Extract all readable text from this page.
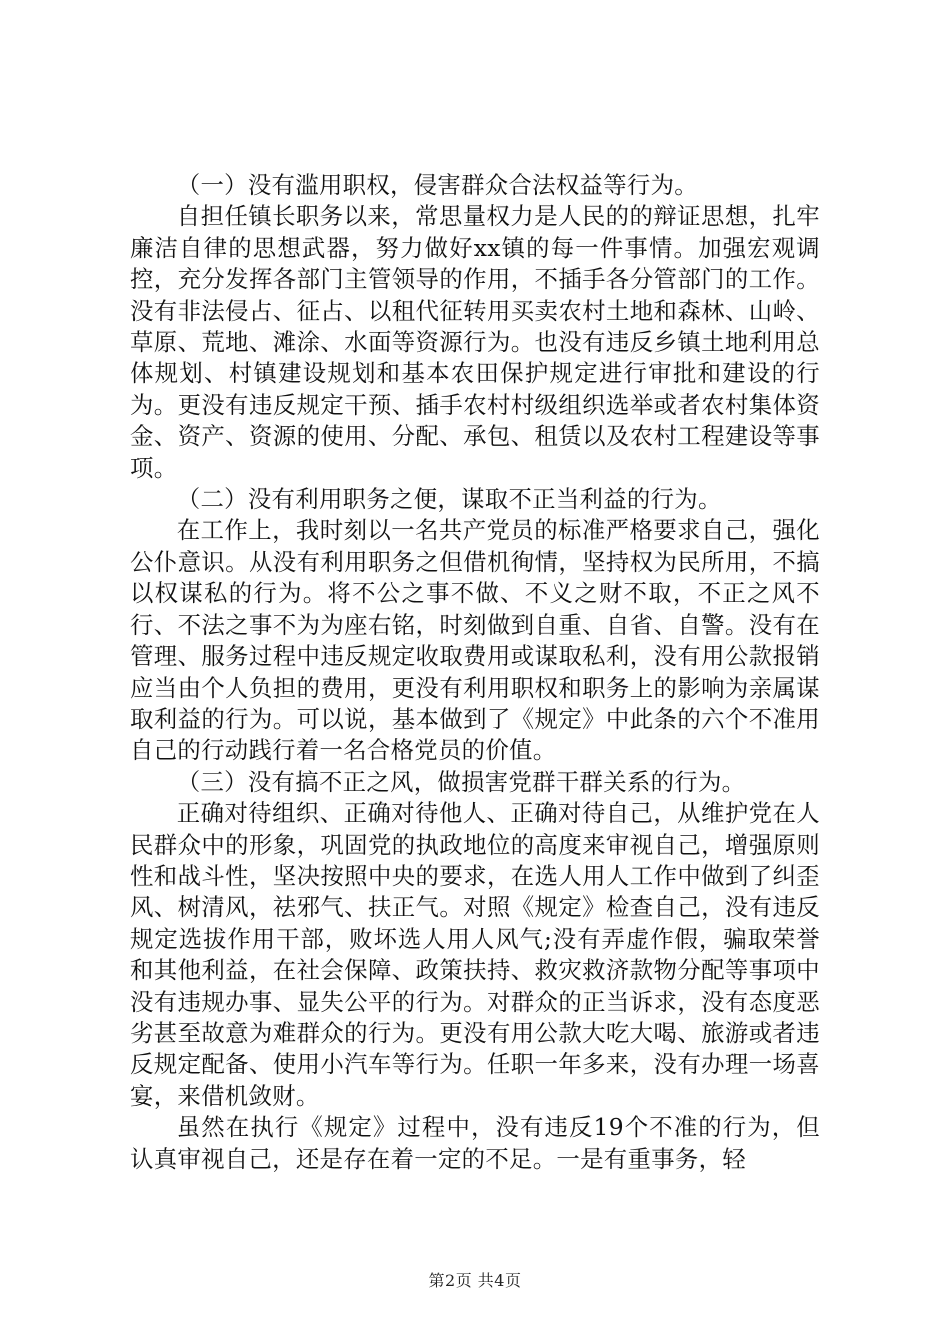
（一）没有滥用职权，侵害群众合法权益等行为。

自担任镇长职务以来，常思量权力是人民的的辩证思想，扎牢廉洁自律的思想武器，努力做好xx镇的每一件事情。加强宏观调控，充分发挥各部门主管领导的作用，不插手各分管部门的工作。没有非法侵占、征占、以租代征转用买卖农村土地和森林、山岭、草原、荒地、滩涂、水面等资源行为。也没有违反乡镇土地利用总体规划、村镇建设规划和基本农田保护规定进行审批和建设的行为。更没有违反规定干预、插手农村村级组织选举或者农村集体资金、资产、资源的使用、分配、承包、租赁以及农村工程建设等事项。

（二）没有利用职务之便，谋取不正当利益的行为。

在工作上，我时刻以一名共产党员的标准严格要求自己，强化公仆意识。从没有利用职务之但借机徇情，坚持权为民所用，不搞以权谋私的行为。将不公之事不做、不义之财不取，不正之风不行、不法之事不为为座右铭，时刻做到自重、自省、自警。没有在管理、服务过程中违反规定收取费用或谋取私利，没有用公款报销应当由个人负担的费用，更没有利用职权和职务上的影响为亲属谋取利益的行为。可以说，基本做到了《规定》中此条的六个不准用自己的行动践行着一名合格党员的价值。

（三）没有搞不正之风，做损害党群干群关系的行为。

正确对待组织、正确对待他人、正确对待自己，从维护党在人民群众中的形象，巩固党的执政地位的高度来审视自己，增强原则性和战斗性，坚决按照中央的要求，在选人用人工作中做到了纠歪风、树清风，祛邪气、扶正气。对照《规定》检查自己，没有违反规定选拔作用干部，败坏选人用人风气;没有弄虚作假，骗取荣誉和其他利益，在社会保障、政策扶持、救灾救济款物分配等事项中没有违规办事、显失公平的行为。对群众的正当诉求，没有态度恶劣甚至故意为难群众的行为。更没有用公款大吃大喝、旅游或者违反规定配备、使用小汽车等行为。任职一年多来，没有办理一场喜宴，来借机敛财。

虽然在执行《规定》过程中，没有违反19个不准的行为，但认真审视自己，还是存在着一定的不足。一是有重事务，轻

第2页 共4页
